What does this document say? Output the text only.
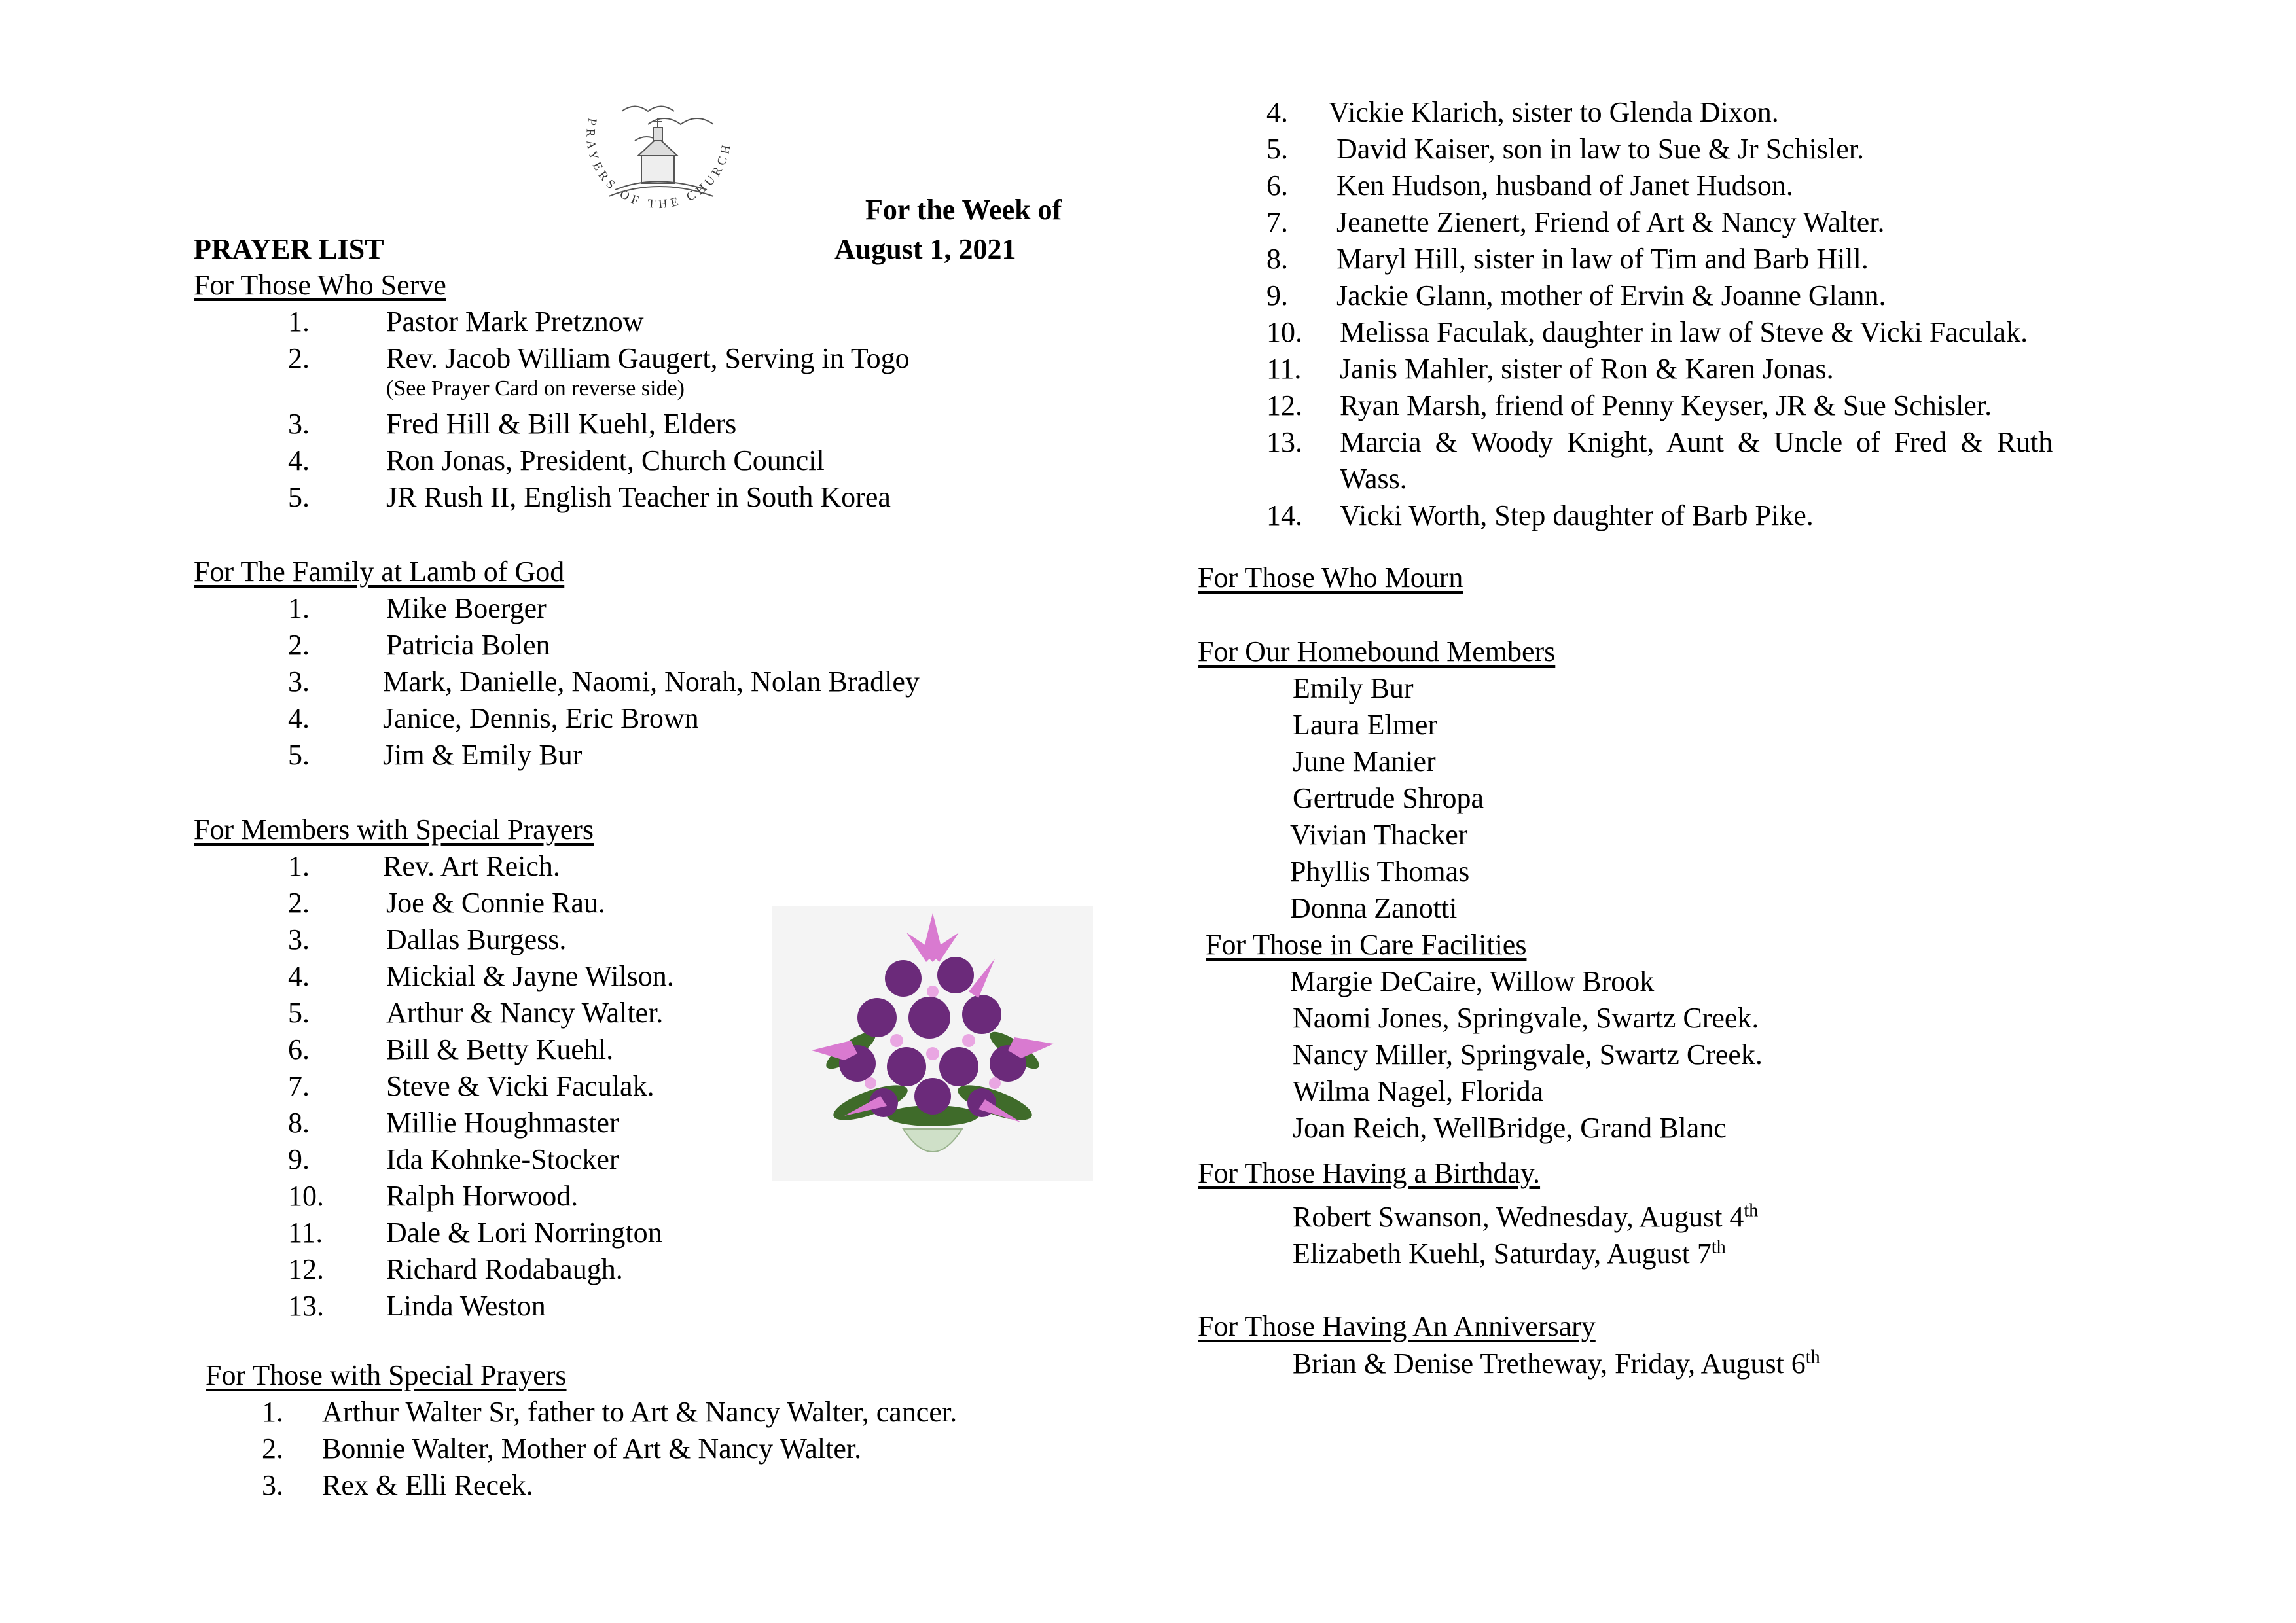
PRAYERS OF THE CHURCH
For the Week of
PRAYER LIST	August 1, 2021
For Those Who Serve
1.	Pastor Mark Pretznow
2.	Rev. Jacob William Gaugert, Serving in Togo
(See Prayer Card on reverse side)
3.	Fred Hill & Bill Kuehl, Elders
4.	Ron Jonas, President, Church Council
5.	JR Rush II, English Teacher in South Korea
For The Family at Lamb of God
1.	Mike Boerger
2.	Patricia Bolen
3.	Mark, Danielle, Naomi, Norah, Nolan Bradley
4.	Janice, Dennis, Eric Brown
5.	Jim & Emily Bur
For Members with Special Prayers
1.	Rev. Art Reich.
2.	Joe & Connie Rau.
3.	Dallas Burgess.
4.	Mickial & Jayne Wilson.
5.	Arthur & Nancy Walter.
6.	Bill & Betty Kuehl.
7.	Steve & Vicki Faculak.
8.	Millie Houghmaster
9.	Ida Kohnke-Stocker
10. Ralph Horwood.
11. Dale & Lori Norrington
12. Richard Rodabaugh.
13. Linda Weston
For Those with Special Prayers
1. Arthur Walter Sr, father to Art & Nancy Walter, cancer.
2. Bonnie Walter, Mother of Art & Nancy Walter.
3. Rex & Elli Recek.
4. Vickie Klarich, sister to Glenda Dixon.
5. David Kaiser, son in law to Sue & Jr Schisler.
6. Ken Hudson, husband of Janet Hudson.
7. Jeanette Zienert, Friend of Art & Nancy Walter.
8. Maryl Hill, sister in law of Tim and Barb Hill.
9. Jackie Glann, mother of Ervin & Joanne Glann.
10. Melissa Faculak, daughter in law of Steve & Vicki Faculak.
11. Janis Mahler, sister of Ron & Karen Jonas.
12. Ryan Marsh, friend of Penny Keyser, JR & Sue Schisler.
13. Marcia & Woody Knight, Aunt & Uncle of Fred & Ruth
Wass.
14. Vicki Worth, Step daughter of Barb Pike.
For Those Who Mourn
For Our Homebound Members
Emily Bur
Laura Elmer
June Manier
Gertrude Shropa
Vivian Thacker
Phyllis Thomas
Donna Zanotti
For Those in Care Facilities
Margie DeCaire, Willow Brook
Naomi Jones, Springvale, Swartz Creek.
Nancy Miller, Springvale, Swartz Creek.
Wilma Nagel, Florida
Joan Reich, WellBridge, Grand Blanc
For Those Having a Birthday.
Robert Swanson, Wednesday, August 4th
Elizabeth Kuehl, Saturday, August 7th
For Those Having An Anniversary
Brian & Denise Tretheway, Friday, August 6th
